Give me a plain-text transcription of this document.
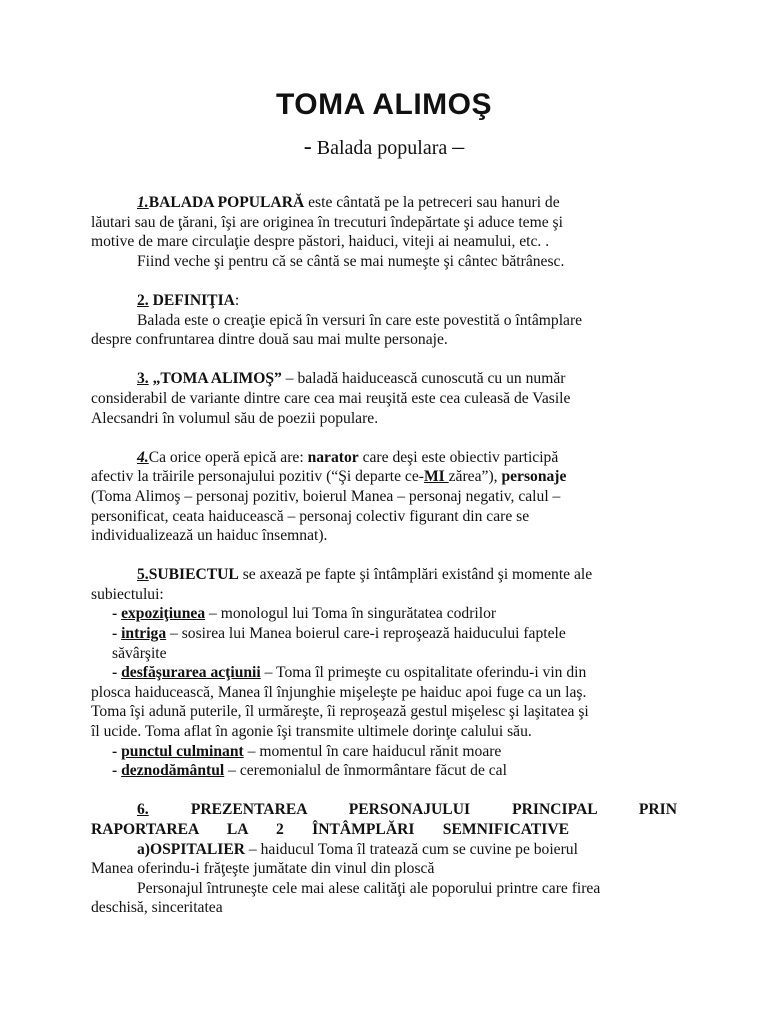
TOMA ALIMOŞ
- Balada populara –

1.BALADA POPULARĂ este cântată pe la petreceri sau hanuri de

lăutari sau de ţărani, îşi are originea în trecuturi îndepărtate şi aduce teme şi

motive de mare circulaţie despre păstori, haiduci, viteji ai neamului, etc. .

Fiind veche şi pentru că se cântă se mai numeşte şi cântec bătrânesc.

2. DEFINIŢIA:

Balada este o creaţie epică în versuri în care este povestită o întâmplare

despre confruntarea dintre două sau mai multe personaje.

3. „TOMA ALIMOŞ” – baladă haiducească cunoscută cu un număr

considerabil de variante dintre care cea mai reuşită este cea culeasă de Vasile

Alecsandri în volumul său de poezii populare.

4.Ca orice operă epică are: narator care deşi este obiectiv participă

afectiv la trăirile personajului pozitiv (“Şi departe ce-MI zărea”), personaje

(Toma Alimoş – personaj pozitiv, boierul Manea – personaj negativ, calul –

personificat, ceata haiducească – personaj colectiv figurant din care se

individualizează un haiduc însemnat).

5.SUBIECTUL se axează pe fapte şi întâmplări existând şi momente ale

subiectului:

- expoziţiunea – monologul lui Toma în singurătatea codrilor

- intriga – sosirea lui Manea boierul care-i reproşează haiducului faptele

săvârşite

- desfăşurarea acţiunii – Toma îl primeşte cu ospitalitate oferindu-i vin din

plosca haiducească, Manea îl înjunghie mişeleşte pe haiduc apoi fuge ca un laş.

Toma îşi adună puterile, îl urmăreşte, îi reproşează gestul mişelesc şi laşitatea şi

îl ucide. Toma aflat în agonie îşi transmite ultimele dorinţe calului său.

- punctul culminant – momentul în care haiducul rănit moare

- deznodământul – ceremonialul de înmormântare făcut de cal

6. PREZENTAREA PERSONAJULUI PRINCIPAL PRIN

RAPORTAREA LA 2 ÎNTÂMPLĂRI SEMNIFICATIVE

a)OSPITALIER – haiducul Toma îl tratează cum se cuvine pe boierul

Manea oferindu-i frăţeşte jumătate din vinul din ploscă

Personajul întruneşte cele mai alese calităţi ale poporului printre care firea

deschisă, sinceritatea
